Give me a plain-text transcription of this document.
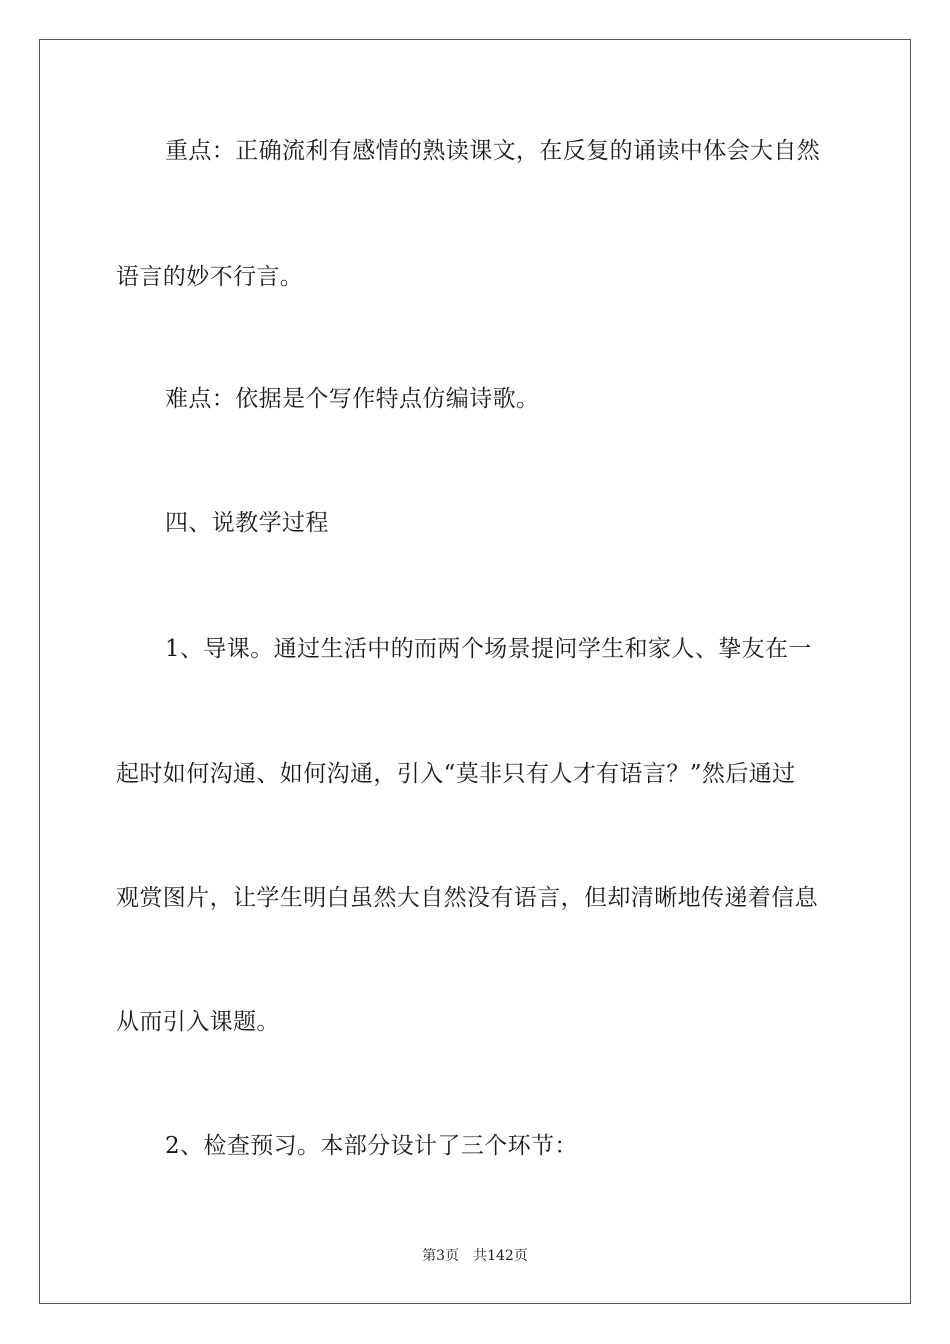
重点：正确流利有感情的熟读课文，在反复的诵读中体会大自然

语言的妙不行言。

难点：依据是个写作特点仿编诗歌。

四、说教学过程

1、导课。通过生活中的而两个场景提问学生和家人、挚友在一

起时如何沟通、如何沟通，引入“莫非只有人才有语言？”然后通过

观赏图片，让学生明白虽然大自然没有语言，但却清晰地传递着信息

从而引入课题。

2、检查预习。本部分设计了三个环节：

第3页 共142页
